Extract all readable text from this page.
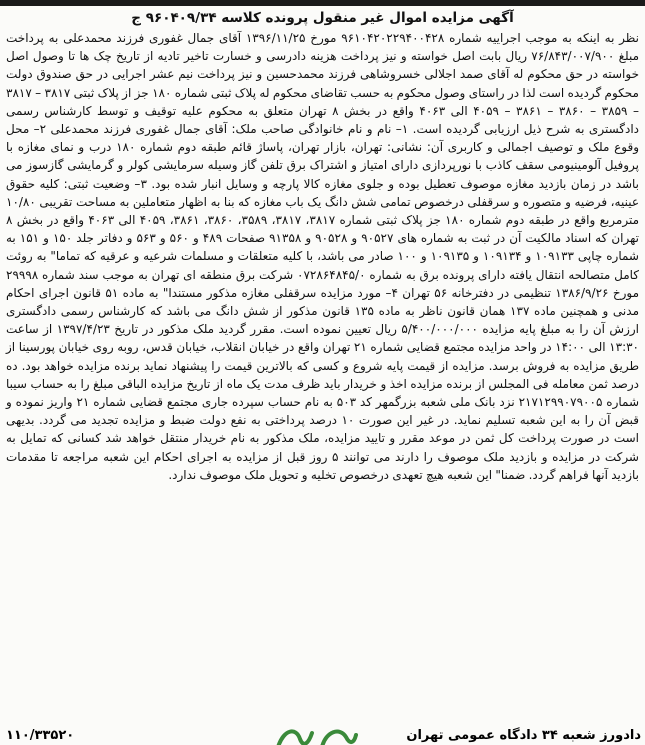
آگهی مزایده اموال غیر منقول پرونده کلاسه ۹۶۰۴۰۹/۳۴ ج

نظر به اینکه به موجب اجراییه شماره ۹۶۱۰۴۲۰۲۲۹۴۰۰۴۲۸ مورخ ۱۳۹۶/۱۱/۲۵ آقای جمال غفوری فرزند محمدعلی به پرداخت مبلغ ۷۶/۸۴۳/۰۰۷/۹۰۰ ریال بابت اصل خواسته و نیز پرداخت هزینه دادرسی و خسارت تاخیر تادیه از تاریخ چک ها تا وصول اصل خواسته در حق محکوم له آقای صمد اجلالی خسروشاهی فرزند محمدحسین و نیز پرداخت نیم عشر اجرایی در حق صندوق دولت محکوم گردیده است لذا در راستای وصول محکوم به حسب تقاضای محکوم له پلاک ثبتی شماره ۱۸۰ جز از پلاک ثبتی ۳۸۱۷ – ۳۸۱۷ – ۳۸۵۹ – ۳۸۶۰ – ۳۸۶۱ – ۴۰۵۹ الی ۴۰۶۳ واقع در بخش ۸ تهران متعلق به محکوم علیه توقیف و توسط کارشناس رسمی دادگستری به شرح ذیل ارزیابی گردیده است. ۱– نام و نام خانوادگی صاحب ملک: آقای جمال غفوری فرزند محمدعلی ۲– محل وقوع ملک و توصیف اجمالی و کاربری آن: نشانی: تهران، بازار تهران، پاساژ قائم طبقه دوم شماره ۱۸۰ درب و نمای مغازه با پروفیل آلومینیومی سقف کاذب با نورپردازی دارای امتیاز و اشتراک برق تلفن گاز وسیله سرمایشی کولر و گرمایشی گازسوز می باشد در زمان بازدید مغازه موصوف تعطیل بوده و جلوی مغازه کالا پارچه و وسایل انبار شده بود. ۳– وضعیت ثبتی: کلیه حقوق عینیه، فرضیه و متصوره و سرقفلی درخصوص تمامی شش دانگ یک باب مغازه که بنا به اظهار متعاملین به مساحت تقریبی ۱۰/۸۰ مترمربع واقع در طبقه دوم شماره ۱۸۰ جز پلاک ثبتی شماره ۳۸۱۷، ۳۸۱۷، ۳۵۸۹، ۳۸۶۰، ۳۸۶۱، ۴۰۵۹ الی ۴۰۶۳ واقع در بخش ۸ تهران که اسناد مالکیت آن در ثبت به شماره های ۹۰۵۲۷ و ۹۰۵۲۸ و ۹۱۳۵۸ صفحات ۴۸۹ و ۵۶۰ و ۵۶۳ و دفاتر جلد ۱۵۰ و ۱۵۱ به شماره چاپی ۱۰۹۱۳۳ و ۱۰۹۱۳۴ و ۱۰۹۱۳۵ و ۱۰۰ صادر می باشد، با کلیه متعلقات و مسلمات شرعیه و عرقیه که تماما" به روئت کامل متصالحه انتقال یافته دارای پرونده برق به شماره ۰۷۲۸۶۴۸۴۵/۰ شرکت برق منطقه ای تهران به موجب سند شماره ۲۹۹۹۸ مورخ ۱۳۸۶/۹/۲۶ تنظیمی در دفترخانه ۵۶ تهران ۴– مورد مزایده سرقفلی مغازه مذکور مستندا" به ماده ۵۱ قانون اجرای احکام مدنی و همچنین ماده ۱۳۷ همان قانون ناظر به ماده ۱۳۵ قانون مذکور از شش دانگ می باشد که کارشناس رسمی دادگستری ارزش آن را به مبلغ پایه مزایده ۵/۴۰۰/۰۰۰/۰۰۰ ریال تعیین نموده است. مقرر گردید ملک مذکور در تاریخ ۱۳۹۷/۴/۲۳ از ساعت ۱۳:۳۰ الی ۱۴:۰۰ در واحد مزایده مجتمع قضایی شماره ۲۱ تهران واقع در خیابان انقلاب، خیابان قدس، روبه روی خیابان پورسینا از طریق مزایده به فروش برسد. مزایده از قیمت پایه شروع و کسی که بالاترین قیمت را پیشنهاد نماید برنده مزایده خواهد بود. ده درصد ثمن معامله فی المجلس از برنده مزایده اخذ و خریدار باید ظرف مدت یک ماه از تاریخ مزایده الباقی مبلغ را به حساب سیبا شماره ۲۱۷۱۲۹۹۰۷۹۰۰۵ نزد بانک ملی شعبه بزرگمهر کد ۵۰۳ به نام حساب سپرده جاری مجتمع قضایی شماره ۲۱ واریز نموده و قبض آن را به این شعبه تسلیم نماید. در غیر این صورت ۱۰ درصد پرداختی به نفع دولت ضبط و مزایده تجدید می گردد. بدیهی است در صورت پرداخت کل ثمن در موعد مقرر و تایید مزایده، ملک مذکور به نام خریدار منتقل خواهد شد کسانی که تمایل به شرکت در مزایده و بازدید ملک موصوف را دارند می توانند ۵ روز قبل از مزایده به اجرای احکام این شعبه مراجعه تا مقدمات بازدید آنها فراهم گردد. ضمنا" این شعبه هیچ تعهدی درخصوص تخلیه و تحویل ملک موصوف ندارد.

دادورز شعبه ۳۴ دادگاه عمومی تهران
۱۱۰/۳۳۵۲۰
